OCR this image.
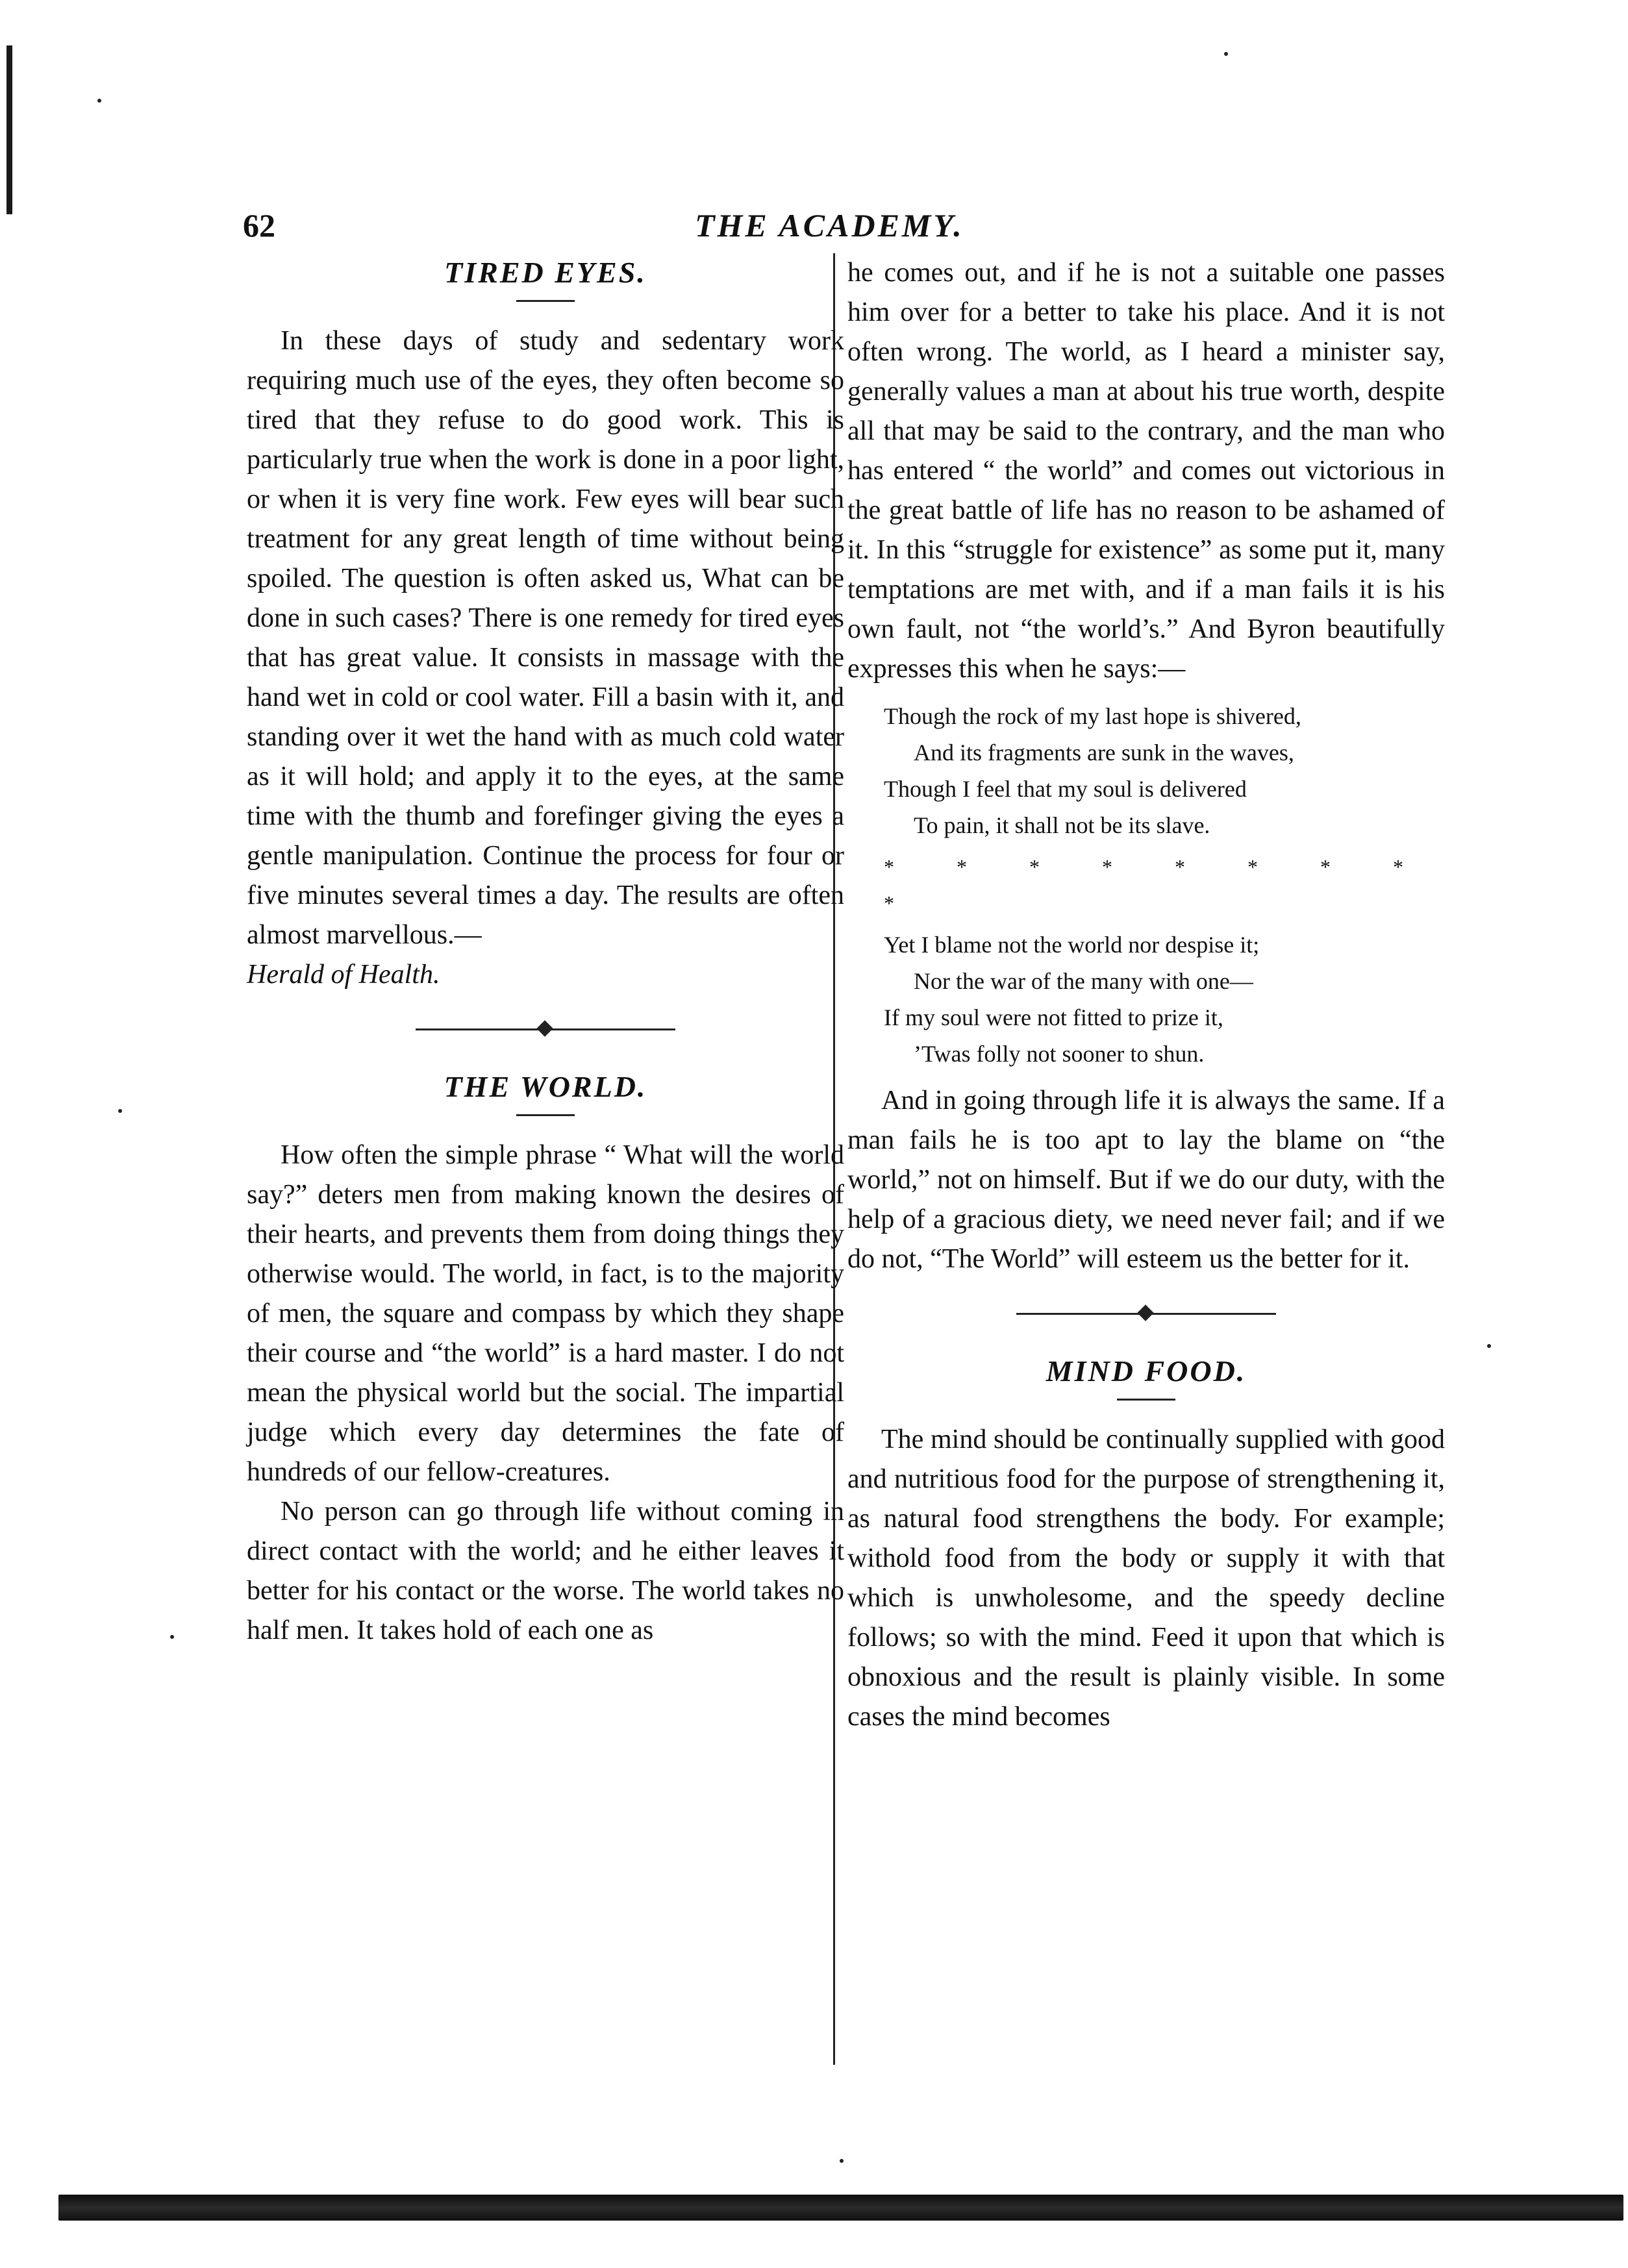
62	THE ACADEMY.
TIRED EYES.

In these days of study and sedentary work requiring much use of the eyes, they often become so tired that they refuse to do good work. This is particularly true when the work is done in a poor light, or when it is very fine work. Few eyes will bear such treatment for any great length of time without being spoiled. The question is often asked us, What can be done in such cases? There is one remedy for tired eyes that has great value. It consists in massage with the hand wet in cold or cool water. Fill a basin with it, and standing over it wet the hand with as much cold water as it will hold; and apply it to the eyes, at the same time with the thumb and forefinger giving the eyes a gentle manipulation. Continue the process for four or five minutes several times a day. The results are often almost marvellous.—
Herald of Health.

THE WORLD.

How often the simple phrase “ What will the world say?” deters men from making known the desires of their hearts, and prevents them from doing things they otherwise would. The world, in fact, is to the majority of men, the square and compass by which they shape their course and “the world” is a hard master. I do not mean the physical world but the social. The impartial judge which every day determines the fate of hundreds of our fellow-creatures.

No person can go through life without coming in direct contact with the world; and he either leaves it better for his contact or the worse. The world takes no half men. It takes hold of each one as

he comes out, and if he is not a suitable one passes him over for a better to take his place. And it is not often wrong. The world, as I heard a minister say, generally values a man at about his true worth, despite all that may be said to the contrary, and the man who has entered “ the world” and comes out victorious in the great battle of life has no reason to be ashamed of it. In this “struggle for existence” as some put it, many temptations are met with, and if a man fails it is his own fault, not “the world’s.” And Byron beautifully expresses this when he says:—

Though the rock of my last hope is shivered,
And its fragments are sunk in the waves,
Though I feel that my soul is delivered
To pain, it shall not be its slave.
* * * * * * * * *
Yet I blame not the world nor despise it;
Nor the war of the many with one—
If my soul were not fitted to prize it,
’Twas folly not sooner to shun.

And in going through life it is always the same. If a man fails he is too apt to lay the blame on “the world,” not on himself. But if we do our duty, with the help of a gracious diety, we need never fail; and if we do not, “The World” will esteem us the better for it.

MIND FOOD.

The mind should be continually supplied with good and nutritious food for the purpose of strengthening it, as natural food strengthens the body. For example; withold food from the body or supply it with that which is unwholesome, and the speedy decline follows; so with the mind. Feed it upon that which is obnoxious and the result is plainly visible. In some cases the mind becomes
